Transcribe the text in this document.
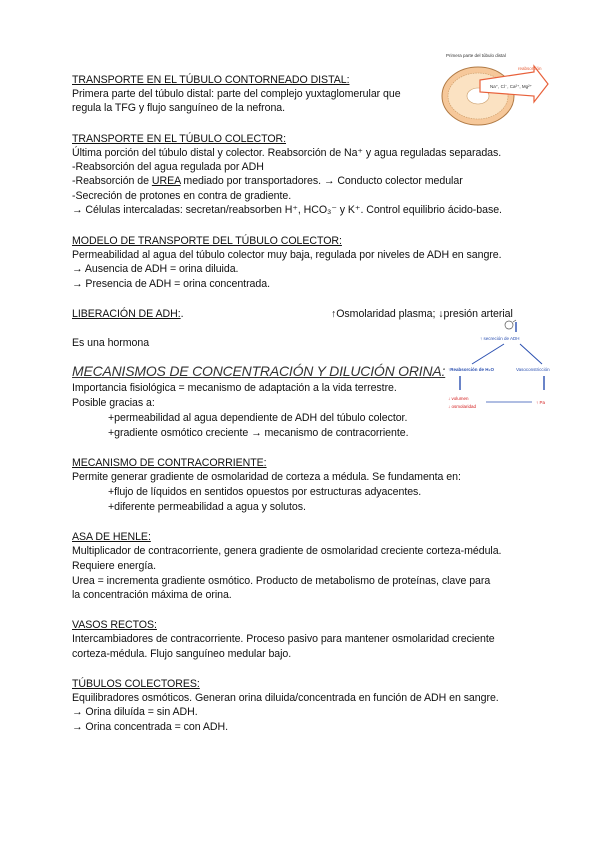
TRANSPORTE EN EL TÚBULO CONTORNEADO DISTAL:
Primera parte del túbulo distal: parte del complejo yuxtaglomerular que
regula la TFG y flujo sanguíneo de la nefrona.
TRANSPORTE EN EL TÚBULO COLECTOR:
Última porción del túbulo distal y colector. Reabsorción de Na⁺ y agua reguladas separadas.
-Reabsorción del agua regulada por ADH
-Reabsorción de UREA mediado por transportadores. → Conducto colector medular
-Secreción de protones en contra de gradiente.
→ Células intercaladas: secretan/reabsorben H⁺, HCO₃⁻ y K⁺. Control equilibrio ácido-base.
MODELO DE TRANSPORTE DEL TÚBULO COLECTOR:
Permeabilidad al agua del túbulo colector muy baja, regulada por niveles de ADH en sangre.
→ Ausencia de ADH = orina diluida.
→ Presencia de ADH = orina concentrada.
LIBERACIÓN DE ADH:.	↑Osmolaridad plasma; ↓presión arterial
Es una hormona
MECANISMOS DE CONCENTRACIÓN Y DILUCIÓN ORINA:
Importancia fisiológica = mecanismo de adaptación a la vida terrestre.
Posible gracias a:
+permeabilidad al agua dependiente de ADH del túbulo colector.
+gradiente osmótico creciente → mecanismo de contracorriente.
MECANISMO DE CONTRACORRIENTE:
Permite generar gradiente de osmolaridad de corteza a médula. Se fundamenta en:
+flujo de líquidos en sentidos opuestos por estructuras adyacentes.
+diferente permeabilidad a agua y solutos.
ASA DE HENLE:
Multiplicador de contracorriente, genera gradiente de osmolaridad creciente corteza-médula.
Requiere energía.
Urea = incrementa gradiente osmótico. Producto de metabolismo de proteínas, clave para
la concentración máxima de orina.
VASOS RECTOS:
Intercambiadores de contracorriente. Proceso pasivo para mantener osmolaridad creciente
corteza-médula. Flujo sanguíneo medular bajo.
TÚBULOS COLECTORES:
Equilibradores osmóticos. Generan orina diluida/concentrada en función de ADH en sangre.
→ Orina diluída = sin ADH.
→ Orina concentrada = con ADH.
Primera parte del túbulo distal
reabsorción
Na⁺, Cl⁻, Ca²⁺, Mg²⁺
↑ secreción de ADH
↑Reabsorción de H₂O	Vasoconstricción
↓ volumen
↓ osmolaridad
↑ Pa
